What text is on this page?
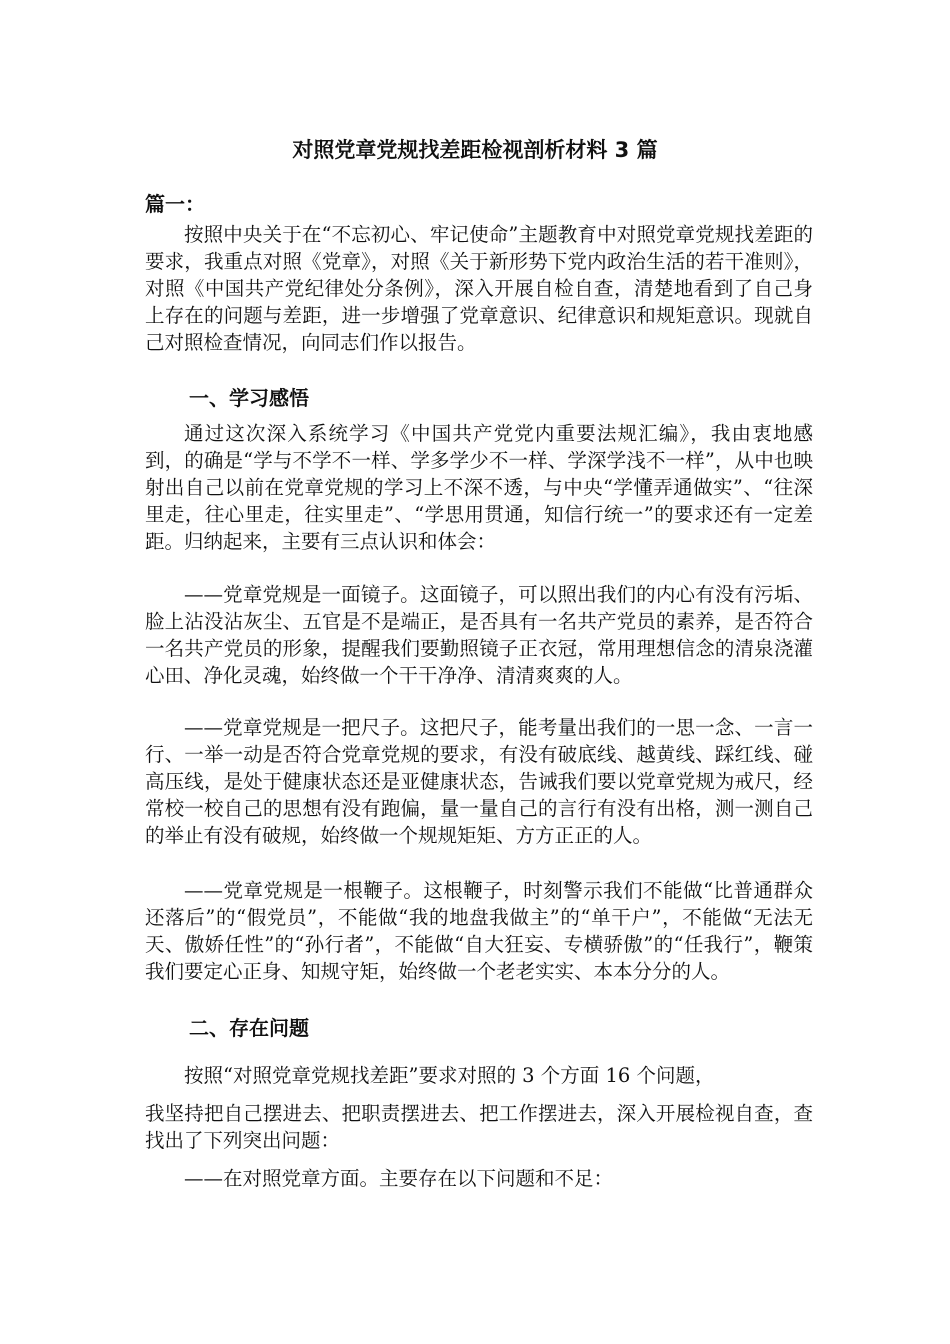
对照党章党规找差距检视剖析材料 3 篇
篇一：

按照中央关于在“不忘初心、牢记使命”主题教育中对照党章党规找差距的要求，我重点对照《党章》，对照《关于新形势下党内政治生活的若干准则》，对照《中国共产党纪律处分条例》，深入开展自检自查，清楚地看到了自己身上存在的问题与差距，进一步增强了党章意识、纪律意识和规矩意识。现就自己对照检查情况，向同志们作以报告。

一、学习感悟

通过这次深入系统学习《中国共产党党内重要法规汇编》，我由衷地感到，的确是“学与不学不一样、学多学少不一样、学深学浅不一样”，从中也映射出自己以前在党章党规的学习上不深不透，与中央“学懂弄通做实”、“往深里走，往心里走，往实里走”、“学思用贯通，知信行统一”的要求还有一定差距。归纳起来，主要有三点认识和体会：

——党章党规是一面镜子。这面镜子，可以照出我们的内心有没有污垢、脸上沾没沾灰尘、五官是不是端正，是否具有一名共产党员的素养，是否符合一名共产党员的形象，提醒我们要勤照镜子正衣冠，常用理想信念的清泉浇灌心田、净化灵魂，始终做一个干干净净、清清爽爽的人。

——党章党规是一把尺子。这把尺子，能考量出我们的一思一念、一言一行、一举一动是否符合党章党规的要求，有没有破底线、越黄线、踩红线、碰高压线，是处于健康状态还是亚健康状态，告诫我们要以党章党规为戒尺，经常校一校自己的思想有没有跑偏，量一量自己的言行有没有出格，测一测自己的举止有没有破规，始终做一个规规矩矩、方方正正的人。

——党章党规是一根鞭子。这根鞭子，时刻警示我们不能做“比普通群众还落后”的“假党员”，不能做“我的地盘我做主”的“单干户”，不能做“无法无天、傲娇任性”的“孙行者”，不能做“自大狂妄、专横骄傲”的“任我行”，鞭策我们要定心正身、知规守矩，始终做一个老老实实、本本分分的人。

二、存在问题

按照“对照党章党规找差距”要求对照的 3 个方面 16 个问题，

我坚持把自己摆进去、把职责摆进去、把工作摆进去，深入开展检视自查，查找出了下列突出问题：

——在对照党章方面。主要存在以下问题和不足：
